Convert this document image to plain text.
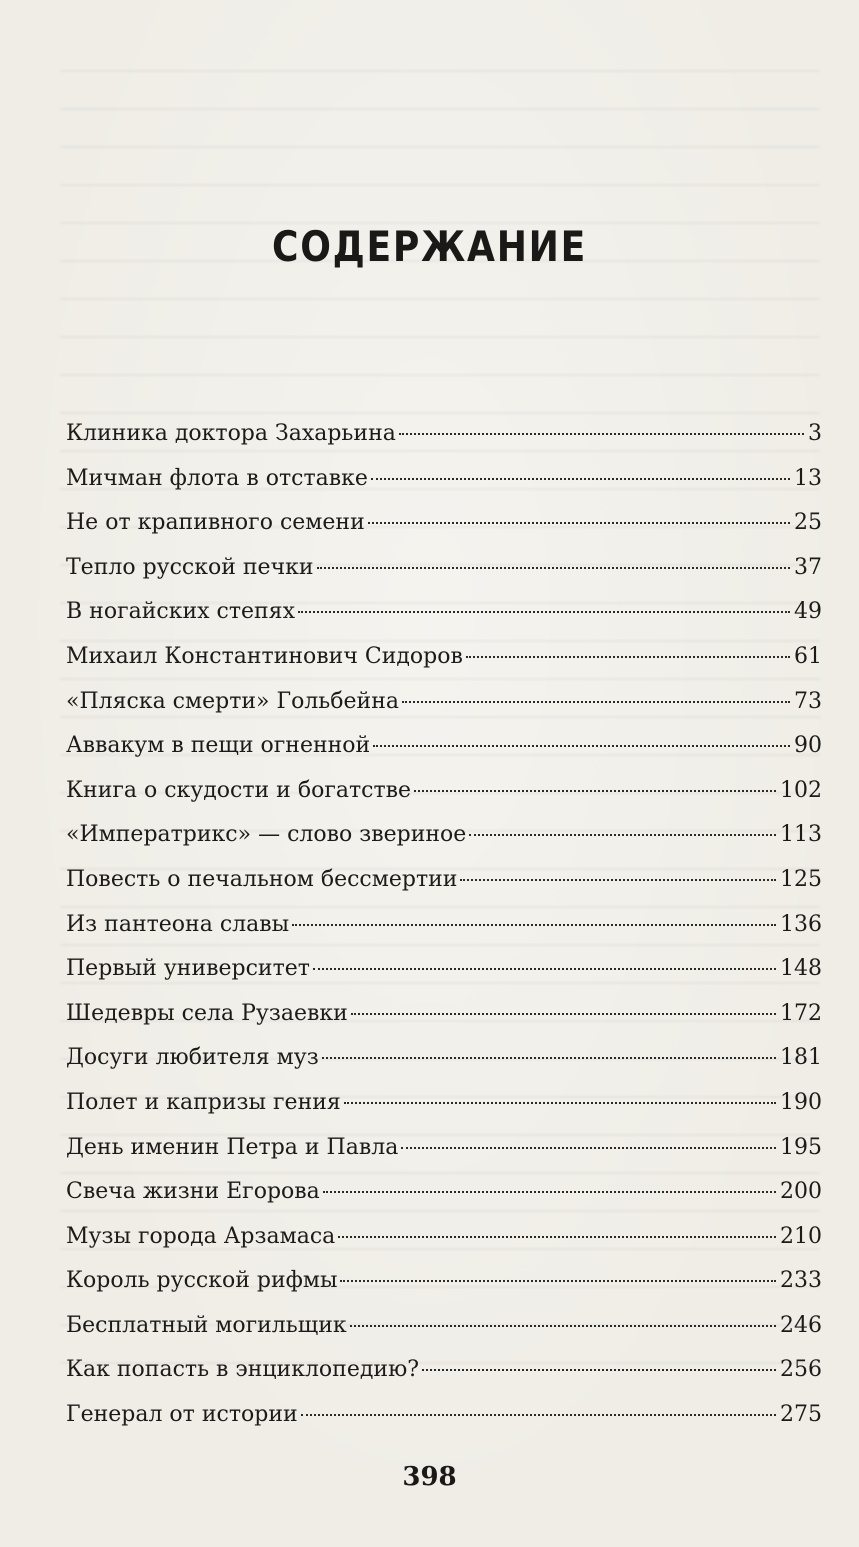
СОДЕРЖАНИЕ
Клиника доктора Захарьина	3
Мичман флота в отставке	13
Не от крапивного семени	25
Тепло русской печки	37
В ногайских степях	49
Михаил Константинович Сидоров	61
«Пляска смерти» Гольбейна	73
Аввакум в пещи огненной	90
Книга о скудости и богатстве	102
«Императрикс» — слово звериное	113
Повесть о печальном бессмертии	125
Из пантеона славы	136
Первый университет	148
Шедевры села Рузаевки	172
Досуги любителя муз	181
Полет и капризы гения	190
День именин Петра и Павла	195
Свеча жизни Егорова	200
Музы города Арзамаса	210
Король русской рифмы	233
Бесплатный могильщик	246
Как попасть в энциклопедию?	256
Генерал от истории	275
398
